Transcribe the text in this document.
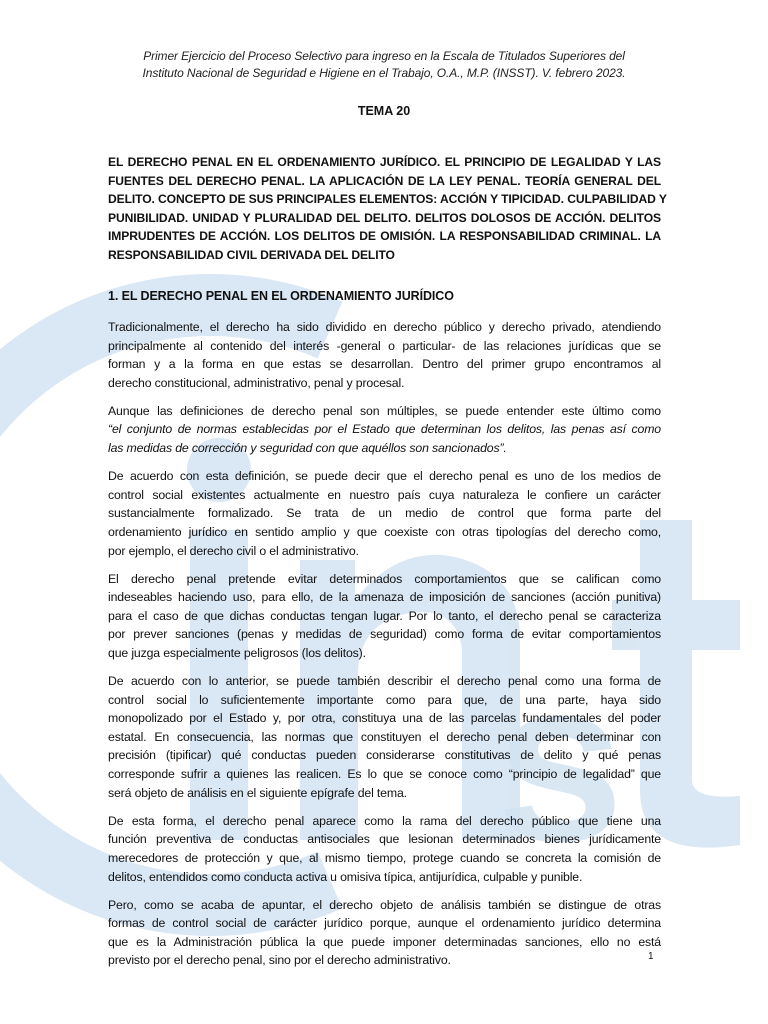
s
Primer Ejercicio del Proceso Selectivo para ingreso en la Escala de Titulados Superiores del
Instituto Nacional de Seguridad e Higiene en el Trabajo, O.A., M.P. (INSST). V. febrero 2023.
TEMA 20
EL DERECHO PENAL EN EL ORDENAMIENTO JURÍDICO. EL PRINCIPIO DE LEGALIDAD Y LAS
FUENTES DEL DERECHO PENAL. LA APLICACIÓN DE LA LEY PENAL. TEORÍA GENERAL DEL
DELITO. CONCEPTO DE SUS PRINCIPALES ELEMENTOS: ACCIÓN Y TIPICIDAD. CULPABILIDAD Y
PUNIBILIDAD. UNIDAD Y PLURALIDAD DEL DELITO. DELITOS DOLOSOS DE ACCIÓN. DELITOS
IMPRUDENTES DE ACCIÓN. LOS DELITOS DE OMISIÓN. LA RESPONSABILIDAD CRIMINAL. LA
RESPONSABILIDAD CIVIL DERIVADA DEL DELITO
1. EL DERECHO PENAL EN EL ORDENAMIENTO JURÍDICO
Tradicionalmente, el derecho ha sido dividido en derecho público y derecho privado, atendiendo
principalmente al contenido del interés -general o particular- de las relaciones jurídicas que se
forman y a la forma en que estas se desarrollan. Dentro del primer grupo encontramos al
derecho constitucional, administrativo, penal y procesal.
Aunque las definiciones de derecho penal son múltiples, se puede entender este último como
“el conjunto de normas establecidas por el Estado que determinan los delitos, las penas así como
las medidas de corrección y seguridad con que aquéllos son sancionados”.
De acuerdo con esta definición, se puede decir que el derecho penal es uno de los medios de
control social existentes actualmente en nuestro país cuya naturaleza le confiere un carácter
sustancialmente formalizado. Se trata de un medio de control que forma parte del
ordenamiento jurídico en sentido amplio y que coexiste con otras tipologías del derecho como,
por ejemplo, el derecho civil o el administrativo.
El derecho penal pretende evitar determinados comportamientos que se califican como
indeseables haciendo uso, para ello, de la amenaza de imposición de sanciones (acción punitiva)
para el caso de que dichas conductas tengan lugar. Por lo tanto, el derecho penal se caracteriza
por prever sanciones (penas y medidas de seguridad) como forma de evitar comportamientos
que juzga especialmente peligrosos (los delitos).
De acuerdo con lo anterior, se puede también describir el derecho penal como una forma de
control social lo suficientemente importante como para que, de una parte, haya sido
monopolizado por el Estado y, por otra, constituya una de las parcelas fundamentales del poder
estatal. En consecuencia, las normas que constituyen el derecho penal deben determinar con
precisión (tipificar) qué conductas pueden considerarse constitutivas de delito y qué penas
corresponde sufrir a quienes las realicen. Es lo que se conoce como “principio de legalidad” que
será objeto de análisis en el siguiente epígrafe del tema.
De esta forma, el derecho penal aparece como la rama del derecho público que tiene una
función preventiva de conductas antisociales que lesionan determinados bienes jurídicamente
merecedores de protección y que, al mismo tiempo, protege cuando se concreta la comisión de
delitos, entendidos como conducta activa u omisiva típica, antijurídica, culpable y punible.
Pero, como se acaba de apuntar, el derecho objeto de análisis también se distingue de otras
formas de control social de carácter jurídico porque, aunque el ordenamiento jurídico determina
que es la Administración pública la que puede imponer determinadas sanciones, ello no está
previsto por el derecho penal, sino por el derecho administrativo.	1
